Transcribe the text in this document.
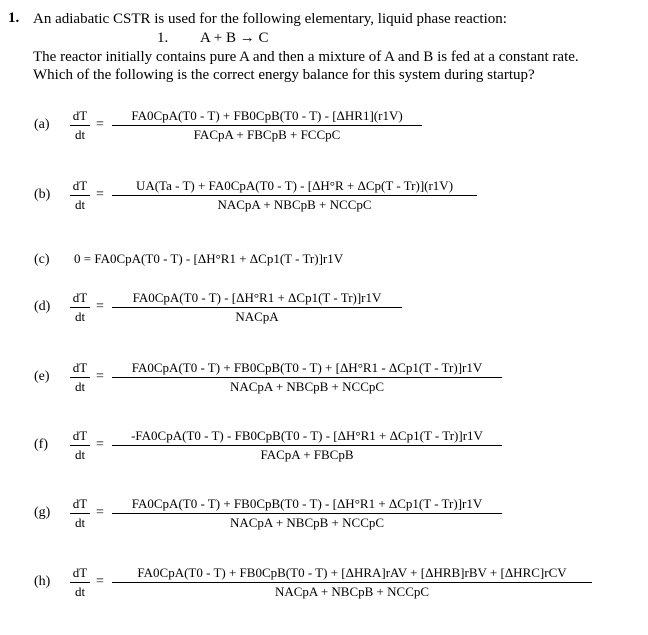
1. An adiabatic CSTR is used for the following elementary, liquid phase reaction:
1. A + B → C
The reactor initially contains pure A and then a mixture of A and B is fed at a constant rate.
Which of the following is the correct energy balance for this system during startup?
(a)
dT
dt
=
FA0CpA(T0 - T) + FB0CpB(T0 - T) - [ΔHR1](r1V)
FACpA + FBCpB + FCCpC
(b)
dT
dt
=
UA(Ta - T) + FA0CpA(T0 - T) - [ΔH°R + ΔCp(T - Tr)](r1V)
NACpA + NBCpB + NCCpC
(c) 0 = FA0CpA(T0 - T) - [ΔH°R1 + ΔCp1(T - Tr)]r1V
(d)
dT
dt
=
FA0CpA(T0 - T) - [ΔH°R1 + ΔCp1(T - Tr)]r1V
NACpA
(e)
dT
dt
=
FA0CpA(T0 - T) + FB0CpB(T0 - T) + [ΔH°R1 - ΔCp1(T - Tr)]r1V
NACpA + NBCpB + NCCpC
(f)
dT
dt
=
-FA0CpA(T0 - T) - FB0CpB(T0 - T) - [ΔH°R1 + ΔCp1(T - Tr)]r1V
FACpA + FBCpB
(g)
dT
dt
=
FA0CpA(T0 - T) + FB0CpB(T0 - T) - [ΔH°R1 + ΔCp1(T - Tr)]r1V
NACpA + NBCpB + NCCpC
(h)
dT
dt
=
FA0CpA(T0 - T) + FB0CpB(T0 - T) + [ΔHRA]rAV + [ΔHRB]rBV + [ΔHRC]rCV
NACpA + NBCpB + NCCpC
